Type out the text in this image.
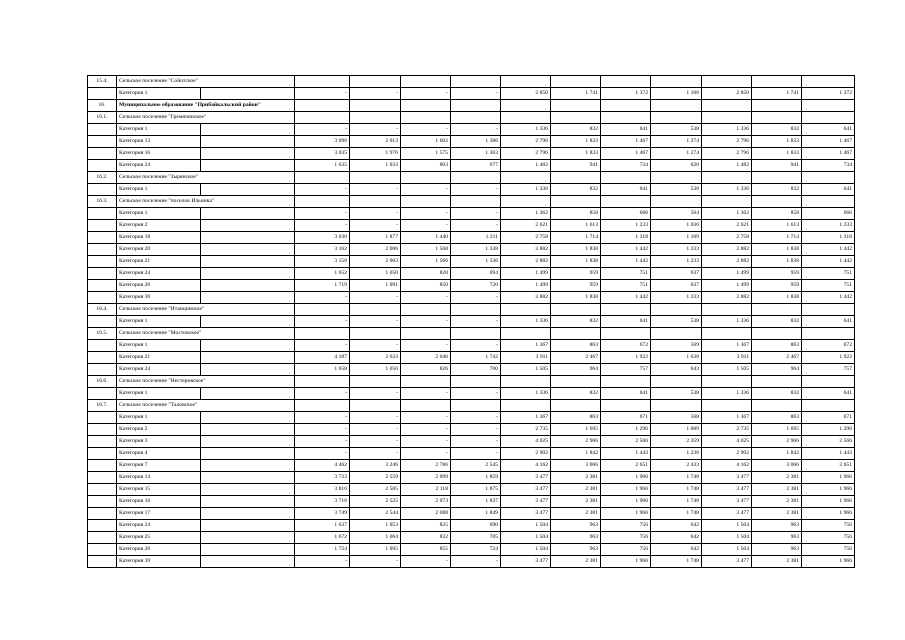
15.4.	Сельское поселение "Сойотское"													
	Категория 1		-	-	-	-	2 850	1 741	1 372	1 106	2 850	1 741	1 372	
16.	Муниципальное образование "Прибайкальский район"													
16.1.	Сельское поселение "Гремячинское"													
	Категория 1		-	-	-	-	1 336	832	641	538	1 336	832	641	
	Категория 13		3 096	2 013	1 602	1 386	2 796	1 833	1 467	1 274	2 796	1 833	1 467	
	Категория 16		3 035	1 976	1 575	1 363	2 796	1 833	1 467	1 274	2 796	1 833	1 467	
	Категория 24		1 635	1 033	803	677	1 482	941	734	620	1 482	941	734	
16.2.	Сельское поселение "Зырянское"													
	Категория 1		-	-	-	-	1 336	832	641	538	1 336	832	641	
16.3.	Сельское поселение "поселок Ильинка"													
	Категория 1		-	-	-	-	1 362	858	666	564	1 362	858	666	
	Категория 2		-	-	-	-	2 621	1 613	1 233	1 036	2 621	1 613	1 233	
	Категория 18		3 030	1 877	1 440	1 211	2 758	1 714	1 318	1 109	2 758	1 714	1 318	
	Категория 20		3 162	2 006	1 568	1 338	2 882	1 838	1 442	1 233	2 882	1 838	1 442	
	Категория 21		3 158	2 003	1 566	1 336	2 882	1 838	1 442	1 233	2 882	1 838	1 442	
	Категория 24		1 652	1 050	820	694	1 499	959	751	637	1 499	959	751	
	Категория 26		1 719	1 091	850	720	1 499	959	751	637	1 499	959	751	
	Категория 36		-	-	-	-	2 882	1 838	1 442	1 233	2 882	1 838	1 442	
16.4.	Сельское поселение "Итанцинское"													
	Категория 1		-	-	-	-	1 336	832	641	538	1 336	832	641	
16.5.	Сельское поселение "Мостовское"													
	Категория 1		-	-	-	-	1 367	863	672	569	1 367	863	672	
	Категория 21		4 187	2 633	2 046	1 742	3 911	2 467	1 922	1 638	3 911	2 467	1 922	
	Категория 24		1 658	1 056	826	700	1 505	964	757	643	1 505	964	757	
16.6.	Сельское поселение "Нестеровское"													
	Категория 1		-	-	-	-	1 336	832	641	538	1 336	832	641	
16.7.	Сельское поселение "Таловское"													
	Категория 1		-	-	-	-	1 367	863	671	568	1 367	863	671	
	Категория 2		-	-	-	-	2 735	1 695	1 296	1 089	2 735	1 695	1 296	
	Категория 3		-	-	-	-	4 025	2 966	2 566	2 359	4 025	2 966	2 566	
	Категория 4		-	-	-	-	2 902	1 842	1 443	1 236	2 902	1 842	1 443	
	Категория 7		4 462	3 246	2 786	2 545	4 162	3 066	2 651	2 433	4 162	3 066	2 651	
	Категория 14		3 723	2 559	2 099	1 859	3 477	2 381	1 966	1 748	3 477	2 381	1 966	
	Категория 15		3 816	2 585	2 118	1 875	3 477	2 381	1 966	1 748	3 477	2 381	1 966	
	Категория 16		3 716	2 525	2 073	1 837	3 477	2 381	1 966	1 748	3 477	2 381	1 966	
	Категория 17		3 749	2 544	2 088	1 849	3 477	2 381	1 966	1 748	3 477	2 381	1 966	
	Категория 24		1 637	1 053	825	690	1 504	963	756	642	1 504	963	756	
	Категория 25		1 672	1 064	832	705	1 504	963	756	642	1 504	963	756	
	Категория 26		1 724	1 095	855	724	1 504	963	756	642	1 504	963	756	
	Категория 39		-	-	-	-	3 477	2 381	1 966	1 748	3 477	2 381	1 966	
